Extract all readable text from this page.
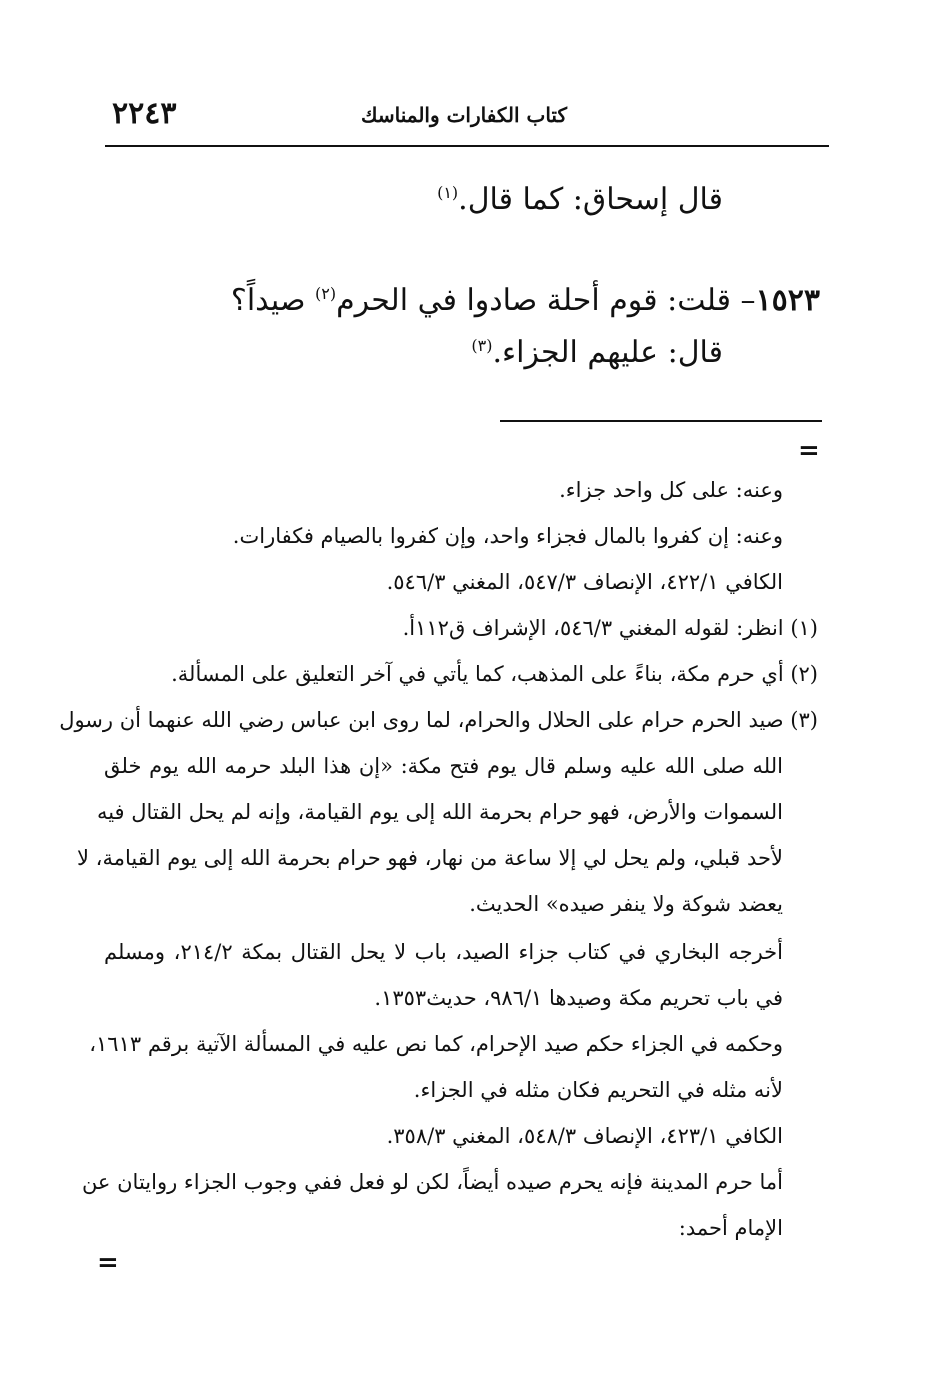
٢٢٤٣	كتاب الكفارات والمناسك
قال إسحاق: كما قال.$^{(١)}$
١٥٢٣– قلت: قوم أحلة صادوا في الحرم$^{(٢)}$ صيداً؟
قال: عليهم الجزاء.$^{(٣)}$
=
وعنه: على كل واحد جزاء.
وعنه: إن كفروا بالمال فجزاء واحد، وإن كفروا بالصيام فكفارات.
الكافي ٤٢٢/١، الإنصاف ٥٤٧/٣، المغني ٥٤٦/٣.
(١) انظر: لقوله المغني ٥٤٦/٣، الإشراف ق١١٢أ.
(٢) أي حرم مكة، بناءً على المذهب، كما يأتي في آخر التعليق على المسألة.
(٣) صيد الحرم حرام على الحلال والحرام، لما روى ابن عباس رضي الله عنهما أن رسول
الله صلى الله عليه وسلم قال يوم فتح مكة: «إن هذا البلد حرمه الله يوم خلق
السموات والأرض، فهو حرام بحرمة الله إلى يوم القيامة، وإنه لم يحل القتال فيه
لأحد قبلي، ولم يحل لي إلا ساعة من نهار، فهو حرام بحرمة الله إلى يوم القيامة، لا
يعضد شوكة ولا ينفر صيده» الحديث.
أخرجه البخاري في كتاب جزاء الصيد، باب لا يحل القتال بمكة ٢١٤/٢، ومسلم
في باب تحريم مكة وصيدها ٩٨٦/١، حديث١٣٥٣.
وحكمه في الجزاء حكم صيد الإحرام، كما نص عليه في المسألة الآتية برقم ١٦١٣،
لأنه مثله في التحريم فكان مثله في الجزاء.
الكافي ٤٢٣/١، الإنصاف ٥٤٨/٣، المغني ٣٥٨/٣.
أما حرم المدينة فإنه يحرم صيده أيضاً، لكن لو فعل ففي وجوب الجزاء روايتان عن
الإمام أحمد:
=
